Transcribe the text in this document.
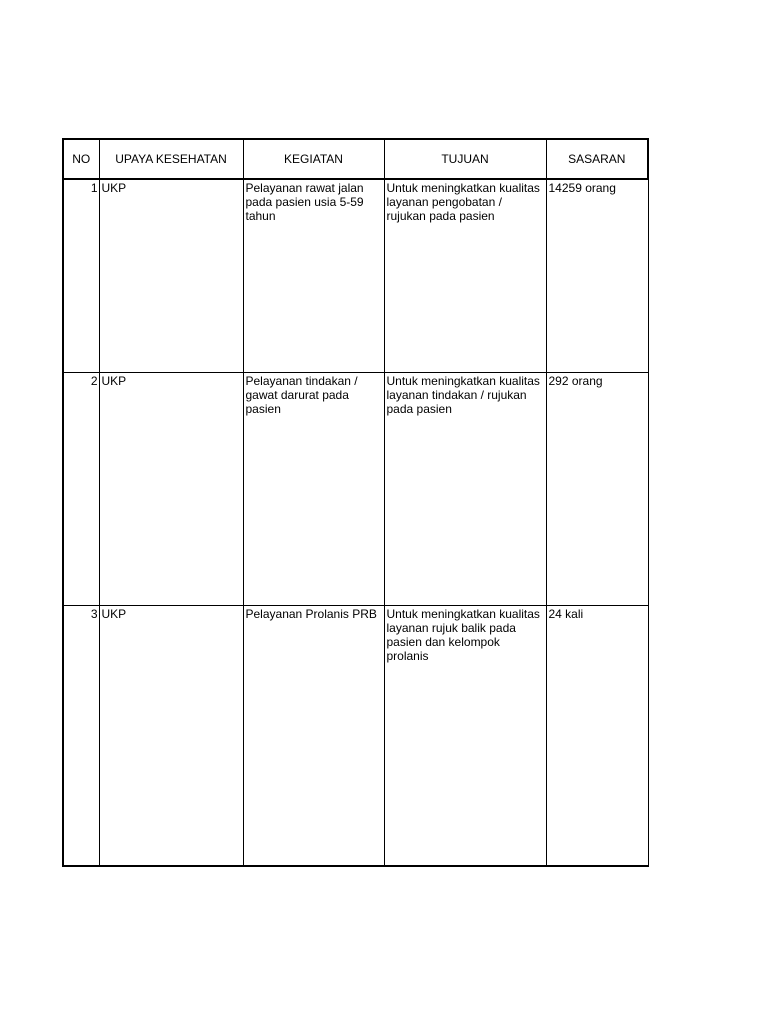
NO	UPAYA KESEHATAN	KEGIATAN	TUJUAN	SASARAN
1	UKP	Pelayanan rawat jalan pada pasien usia 5-59 tahun	Untuk meningkatkan kualitas layanan pengobatan / rujukan pada pasien	14259 orang
2	UKP	Pelayanan tindakan / gawat darurat pada pasien	Untuk meningkatkan kualitas layanan tindakan / rujukan pada pasien	292 orang
3	UKP	Pelayanan Prolanis PRB	Untuk meningkatkan kualitas layanan rujuk balik pada pasien dan kelompok prolanis	24 kali
